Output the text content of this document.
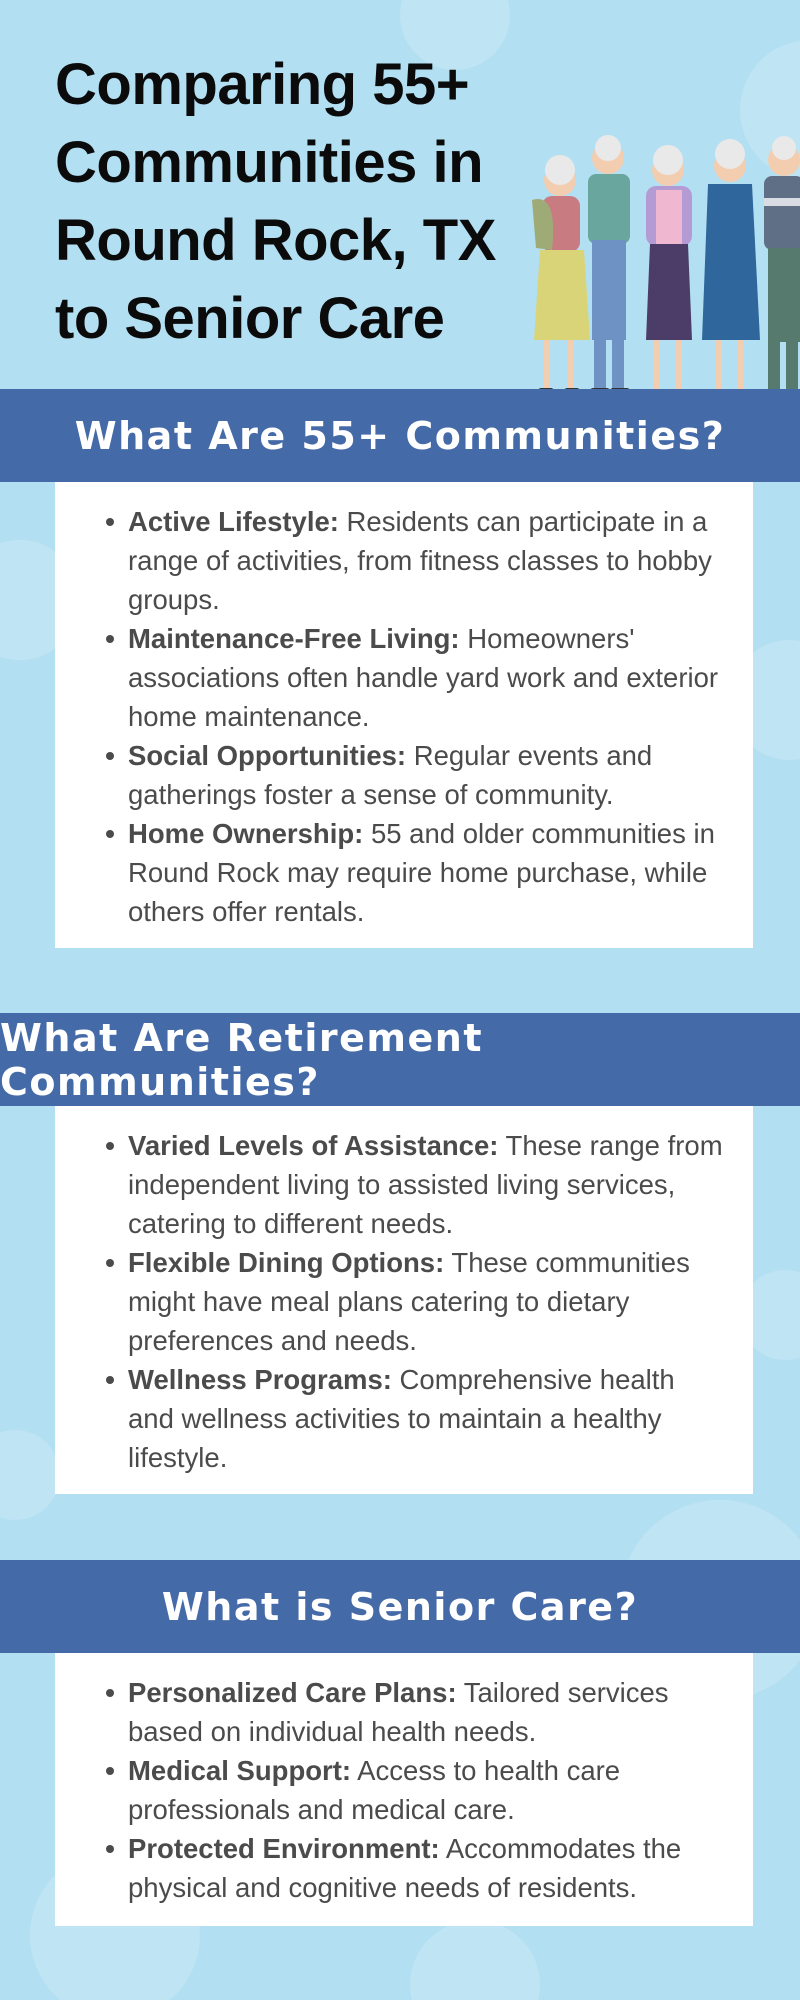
Comparing 55+
Communities in
Round Rock, TX
to Senior Care
What Are 55+ Communities?
Active Lifestyle: Residents can participate in a range of activities, from fitness classes to hobby groups.
Maintenance-Free Living: Homeowners' associations often handle yard work and exterior home maintenance.
Social Opportunities: Regular events and gatherings foster a sense of community.
Home Ownership: 55 and older communities in Round Rock may require home purchase, while others offer rentals.
What Are Retirement Communities?
Varied Levels of Assistance: These range from independent living to assisted living services, catering to different needs.
Flexible Dining Options: These communities might have meal plans catering to dietary preferences and needs.
Wellness Programs: Comprehensive health and wellness activities to maintain a healthy lifestyle.
What is Senior Care?
Personalized Care Plans: Tailored services based on individual health needs.
Medical Support: Access to health care professionals and medical care.
Protected Environment: Accommodates the physical and cognitive needs of residents.
